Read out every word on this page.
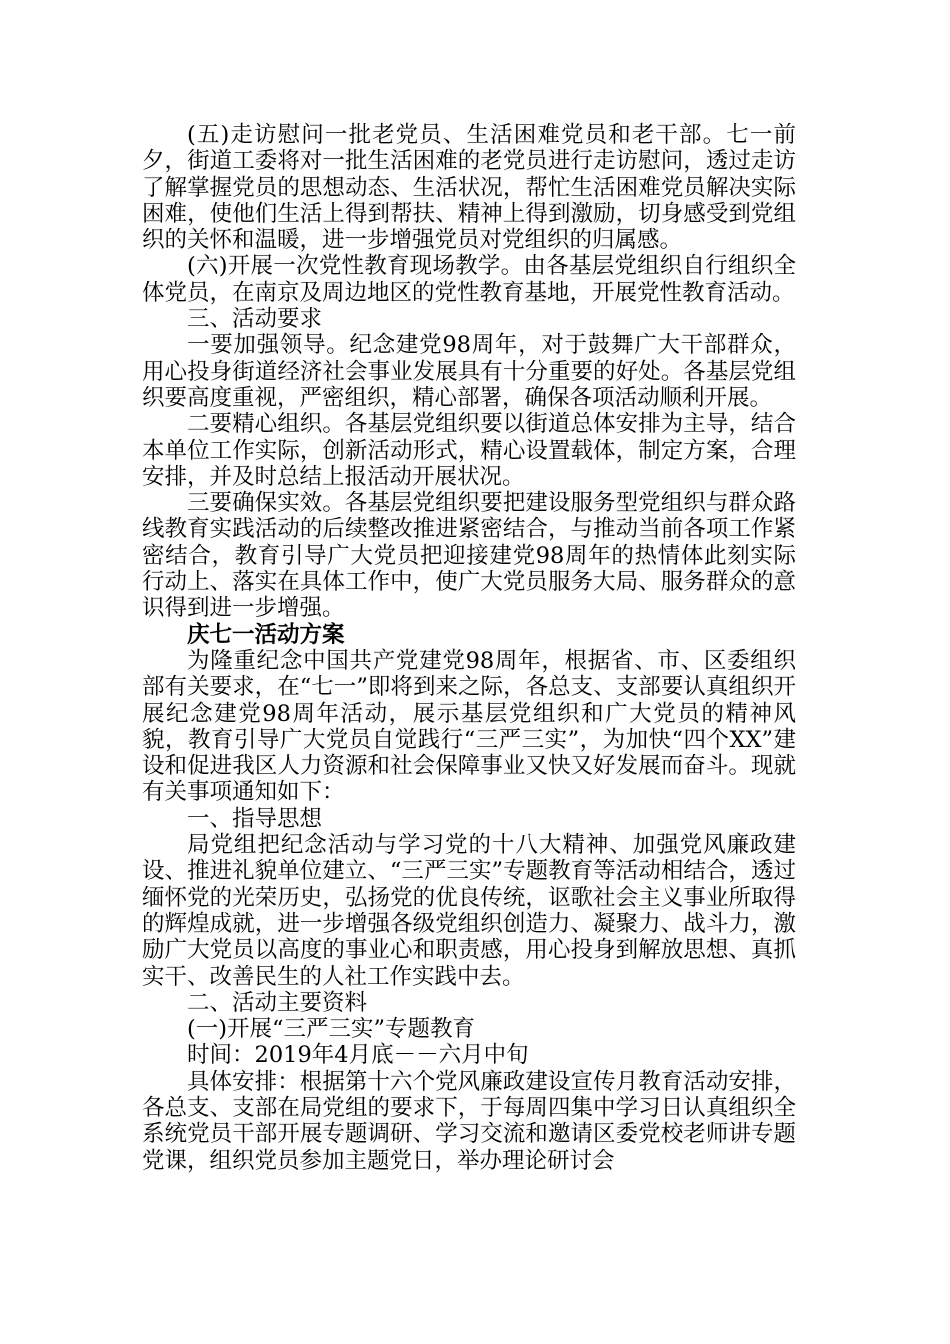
(五)走访慰问一批老党员、生活困难党员和老干部。七一前夕，街道工委将对一批生活困难的老党员进行走访慰问，透过走访了解掌握党员的思想动态、生活状况，帮忙生活困难党员解决实际困难，使他们生活上得到帮扶、精神上得到激励，切身感受到党组织的关怀和温暖，进一步增强党员对党组织的归属感。

(六)开展一次党性教育现场教学。由各基层党组织自行组织全体党员，在南京及周边地区的党性教育基地，开展党性教育活动。

三、活动要求

一要加强领导。纪念建党98周年，对于鼓舞广大干部群众，用心投身街道经济社会事业发展具有十分重要的好处。各基层党组织要高度重视，严密组织，精心部署，确保各项活动顺利开展。

二要精心组织。各基层党组织要以街道总体安排为主导，结合本单位工作实际，创新活动形式，精心设置载体，制定方案，合理安排，并及时总结上报活动开展状况。

三要确保实效。各基层党组织要把建设服务型党组织与群众路线教育实践活动的后续整改推进紧密结合，与推动当前各项工作紧密结合，教育引导广大党员把迎接建党98周年的热情体此刻实际行动上、落实在具体工作中，使广大党员服务大局、服务群众的意识得到进一步增强。

庆七一活动方案

为隆重纪念中国共产党建党98周年，根据省、市、区委组织部有关要求，在“七一”即将到来之际，各总支、支部要认真组织开展纪念建党98周年活动，展示基层党组织和广大党员的精神风貌，教育引导广大党员自觉践行“三严三实”，为加快“四个XX”建设和促进我区人力资源和社会保障事业又快又好发展而奋斗。现就有关事项通知如下：

一、指导思想

局党组把纪念活动与学习党的十八大精神、加强党风廉政建设、推进礼貌单位建立、“三严三实”专题教育等活动相结合，透过缅怀党的光荣历史，弘扬党的优良传统，讴歌社会主义事业所取得的辉煌成就，进一步增强各级党组织创造力、凝聚力、战斗力，激励广大党员以高度的事业心和职责感，用心投身到解放思想、真抓实干、改善民生的人社工作实践中去。

二、活动主要资料

(一)开展“三严三实”专题教育

时间：2019年4月底－－六月中旬

具体安排：根据第十六个党风廉政建设宣传月教育活动安排，各总支、支部在局党组的要求下，于每周四集中学习日认真组织全系统党员干部开展专题调研、学习交流和邀请区委党校老师讲专题党课，组织党员参加主题党日，举办理论研讨会
